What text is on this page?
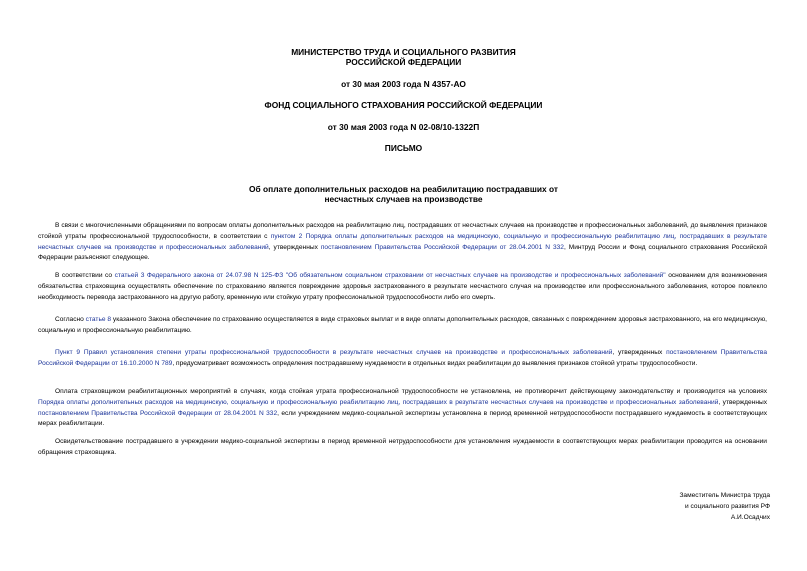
МИНИСТЕРСТВО ТРУДА И СОЦИАЛЬНОГО РАЗВИТИЯ
РОССИЙСКОЙ ФЕДЕРАЦИИ
от 30 мая 2003 года N 4357-АО
ФОНД СОЦИАЛЬНОГО СТРАХОВАНИЯ РОССИЙСКОЙ ФЕДЕРАЦИИ
от 30 мая 2003 года N 02-08/10-1322П
ПИСЬМО
Об оплате дополнительных расходов на реабилитацию пострадавших от
несчастных случаев на производстве
В связи с многочисленными обращениями по вопросам оплаты дополнительных расходов на реабилитацию лиц, пострадавших от несчастных случаев на производстве и профессиональных заболеваний, до выявления признаков стойкой утраты профессиональной трудоспособности, в соответствии с пунктом 2 Порядка оплаты дополнительных расходов на медицинскую, социальную и профессиональную реабилитацию лиц, пострадавших в результате несчастных случаев на производстве и профессиональных заболеваний, утвержденных постановлением Правительства Российской Федерации от 28.04.2001 N 332, Минтруд России и Фонд социального страхования Российской Федерации разъясняют следующее.
В соответствии со статьей 3 Федерального закона от 24.07.98 N 125-ФЗ "Об обязательном социальном страховании от несчастных случаев на производстве и профессиональных заболеваний" основанием для возникновения обязательства страховщика осуществлять обеспечение по страхованию является повреждение здоровья застрахованного в результате несчастного случая на производстве или профессионального заболевания, которое повлекло необходимость перевода застрахованного на другую работу, временную или стойкую утрату профессиональной трудоспособности либо его смерть.
Согласно статье 8 указанного Закона обеспечение по страхованию осуществляется в виде страховых выплат и в виде оплаты дополнительных расходов, связанных с повреждением здоровья застрахованного, на его медицинскую, социальную и профессиональную реабилитацию.
Пункт 9 Правил установления степени утраты профессиональной трудоспособности в результате несчастных случаев на производстве и профессиональных заболеваний, утвержденных постановлением Правительства Российской Федерации от 16.10.2000 N 789, предусматривает возможность определения пострадавшему нуждаемости в отдельных видах реабилитации до выявления признаков стойкой утраты трудоспособности.
Оплата страховщиком реабилитационных мероприятий в случаях, когда стойкая утрата профессиональной трудоспособности не установлена, не противоречит действующему законодательству и производится на условиях Порядка оплаты дополнительных расходов на медицинскую, социальную и профессиональную реабилитацию лиц, пострадавших в результате несчастных случаев на производстве и профессиональных заболеваний, утвержденных постановлением Правительства Российской Федерации от 28.04.2001 N 332, если учреждением медико-социальной экспертизы установлена в период временной нетрудоспособности пострадавшего нуждаемость в соответствующих мерах реабилитации.
Освидетельствование пострадавшего в учреждении медико-социальной экспертизы в период временной нетрудоспособности для установления нуждаемости в соответствующих мерах реабилитации проводится на основании обращения страховщика.
Заместитель Министра труда
и социального развития РФ
А.И.Осадчих
